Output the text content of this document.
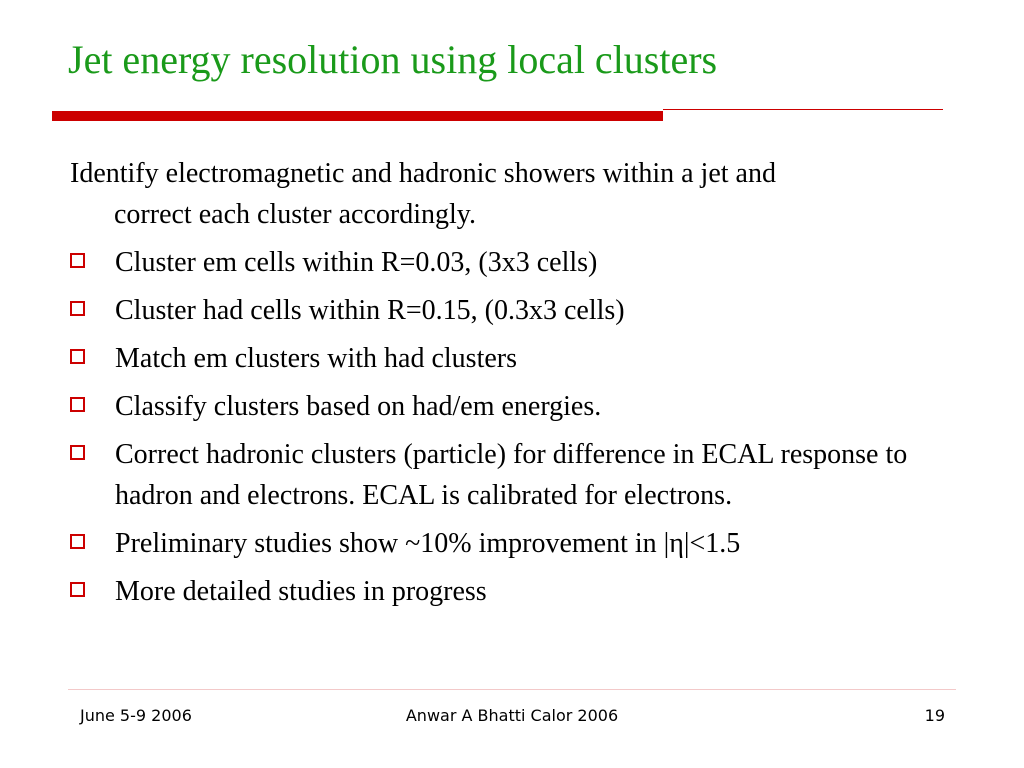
Jet energy resolution using local clusters

Identify electromagnetic and hadronic showers within a jet and
correct each cluster accordingly.

Cluster em cells within R=0.03, (3x3 cells)
Cluster had cells within R=0.15, (0.3x3 cells)
Match em clusters with had clusters
Classify clusters based on had/em energies.
Correct hadronic clusters (particle) for difference in ECAL response to hadron and electrons. ECAL is calibrated for electrons.
Preliminary studies show ~10% improvement in |η|<1.5
More detailed studies in progress
June 5-9 2006	Anwar A Bhatti Calor 2006	19
